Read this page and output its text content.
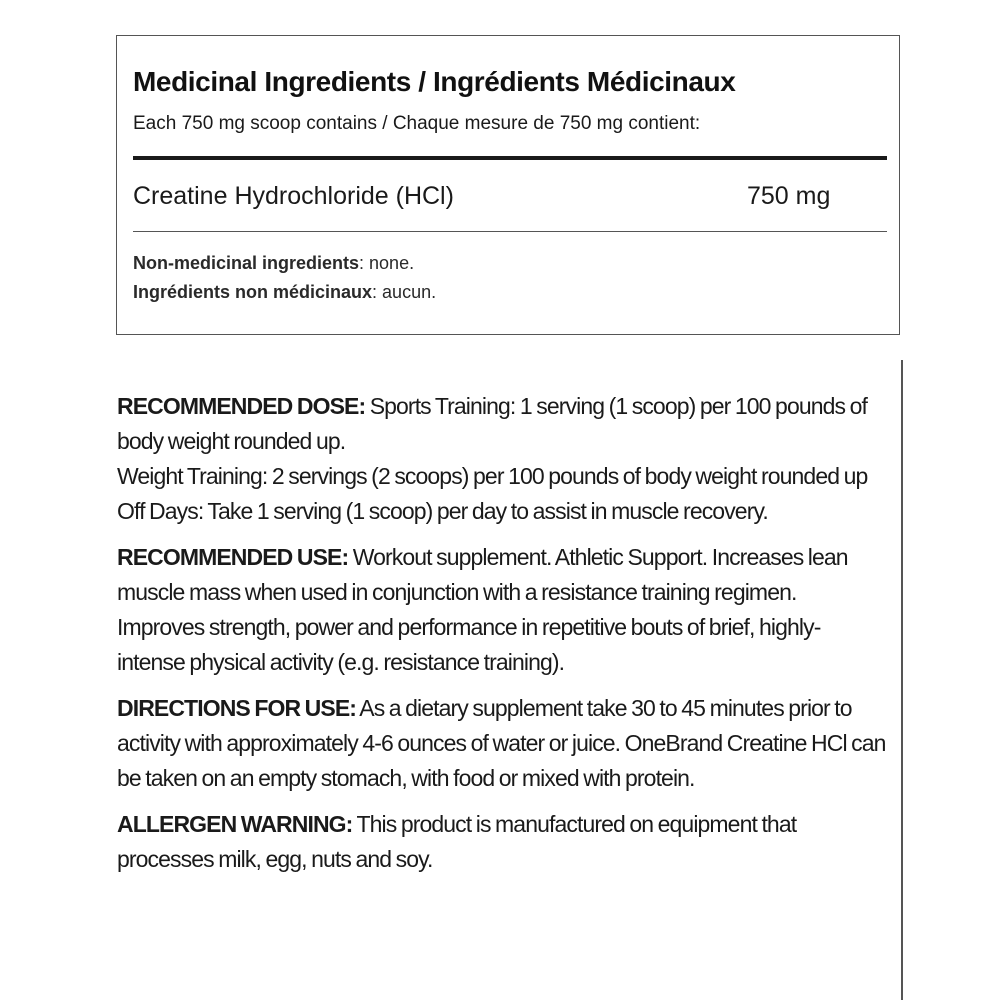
Medicinal Ingredients / Ingrédients Médicinaux
Each 750 mg scoop contains / Chaque mesure de 750 mg contient:
Creatine Hydrochloride (HCl)	750 mg
Non-medicinal ingredients: none.
Ingrédients non médicinaux: aucun.

RECOMMENDED DOSE: Sports Training: 1 serving (1 scoop) per 100 pounds of body weight rounded up.
Weight Training: 2 servings (2 scoops) per 100 pounds of body weight rounded up
Off Days: Take 1 serving (1 scoop) per day to assist in muscle recovery.

RECOMMENDED USE: Workout supplement. Athletic Support. Increases lean muscle mass when used in conjunction with a resistance training regimen. Improves strength, power and performance in repetitive bouts of brief, highly-intense physical activity (e.g. resistance training).

DIRECTIONS FOR USE: As a dietary supplement take 30 to 45 minutes prior to activity with approximately 4-6 ounces of water or juice. OneBrand Creatine HCl can be taken on an empty stomach, with food or mixed with protein.

ALLERGEN WARNING: This product is manufactured on equipment that processes milk, egg, nuts and soy.
